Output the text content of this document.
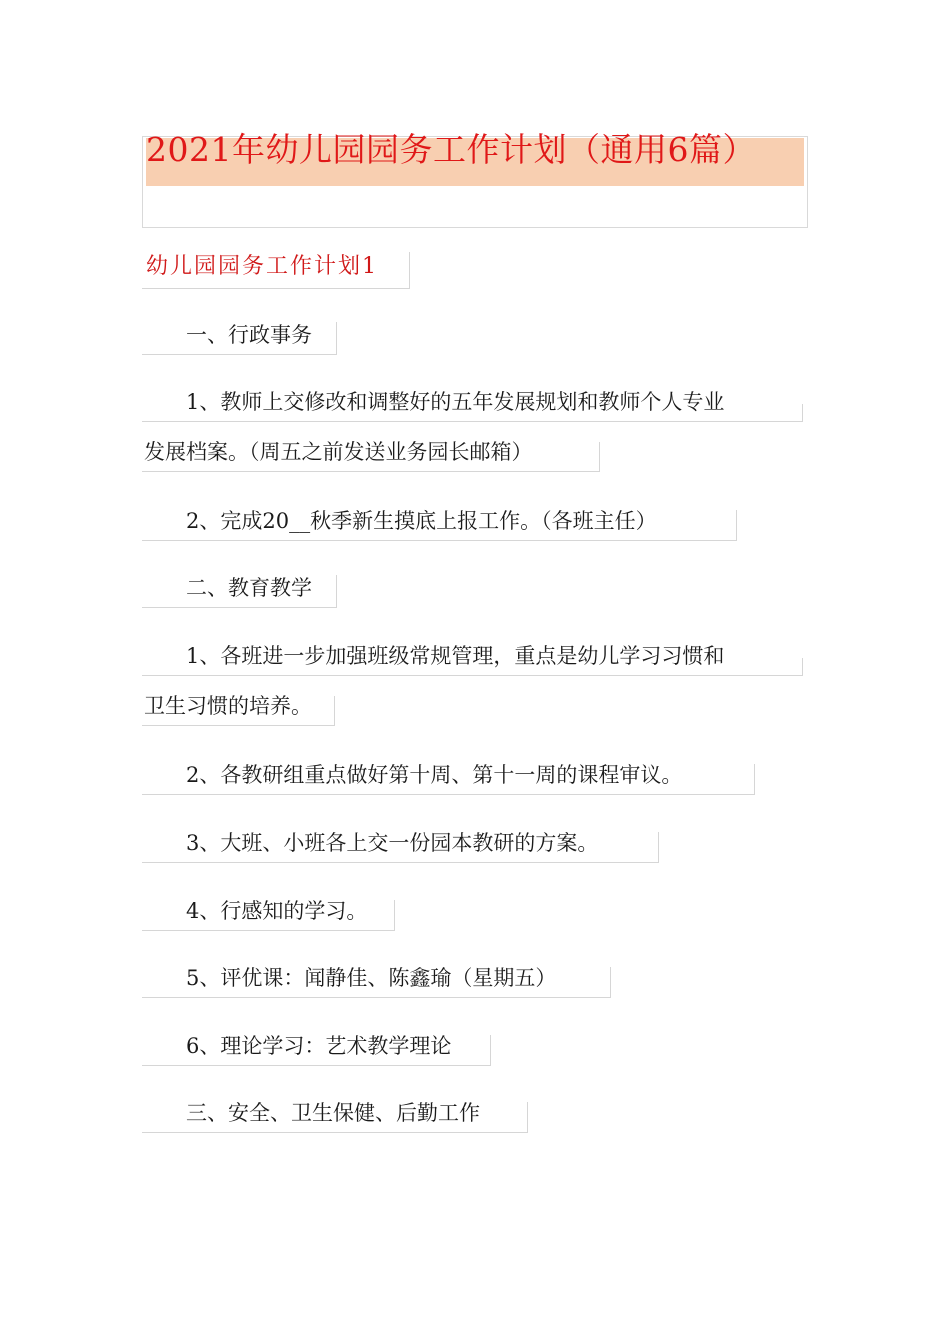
2021年幼儿园园务工作计划（通用6篇）
幼儿园园务工作计划1

　　一、行政事务

　　1、教师上交修改和调整好的五年发展规划和教师个人专业

发展档案。（周五之前发送业务园长邮箱）

　　2、完成20__秋季新生摸底上报工作。（各班主任）

　　二、教育教学

　　1、各班进一步加强班级常规管理，重点是幼儿学习习惯和

卫生习惯的培养。

　　2、各教研组重点做好第十周、第十一周的课程审议。

　　3、大班、小班各上交一份园本教研的方案。

　　4、行感知的学习。

　　5、评优课：闻静佳、陈鑫瑜（星期五）

　　6、理论学习：艺术教学理论

　　三、安全、卫生保健、后勤工作
